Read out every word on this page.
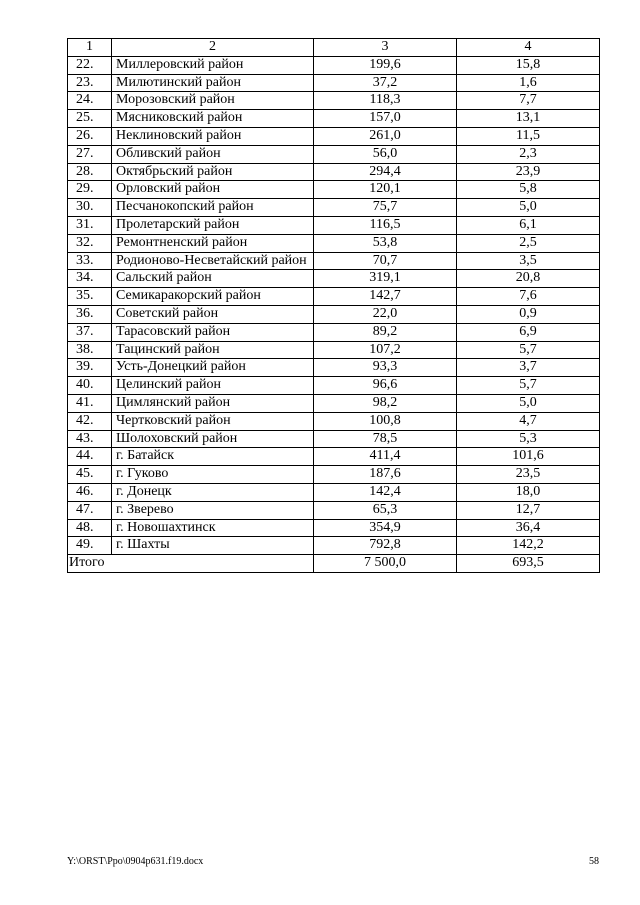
1	2	3	4
22.	Миллеровский район	199,6	15,8
23.	Милютинский район	37,2	1,6
24.	Морозовский район	118,3	7,7
25.	Мясниковский район	157,0	13,1
26.	Неклиновский район	261,0	11,5
27.	Обливский район	56,0	2,3
28.	Октябрьский район	294,4	23,9
29.	Орловский район	120,1	5,8
30.	Песчанокопский район	75,7	5,0
31.	Пролетарский район	116,5	6,1
32.	Ремонтненский район	53,8	2,5
33.	Родионово-Несветайский район	70,7	3,5
34.	Сальский район	319,1	20,8
35.	Семикаракорский район	142,7	7,6
36.	Советский район	22,0	0,9
37.	Тарасовский район	89,2	6,9
38.	Тацинский район	107,2	5,7
39.	Усть-Донецкий район	93,3	3,7
40.	Целинский район	96,6	5,7
41.	Цимлянский район	98,2	5,0
42.	Чертковский район	100,8	4,7
43.	Шолоховский район	78,5	5,3
44.	г. Батайск	411,4	101,6
45.	г. Гуково	187,6	23,5
46.	г. Донецк	142,4	18,0
47.	г. Зверево	65,3	12,7
48.	г. Новошахтинск	354,9	36,4
49.	г. Шахты	792,8	142,2
Итого		7 500,0	693,5
Y:\ORST\Ppo\0904p631.f19.docx	58
